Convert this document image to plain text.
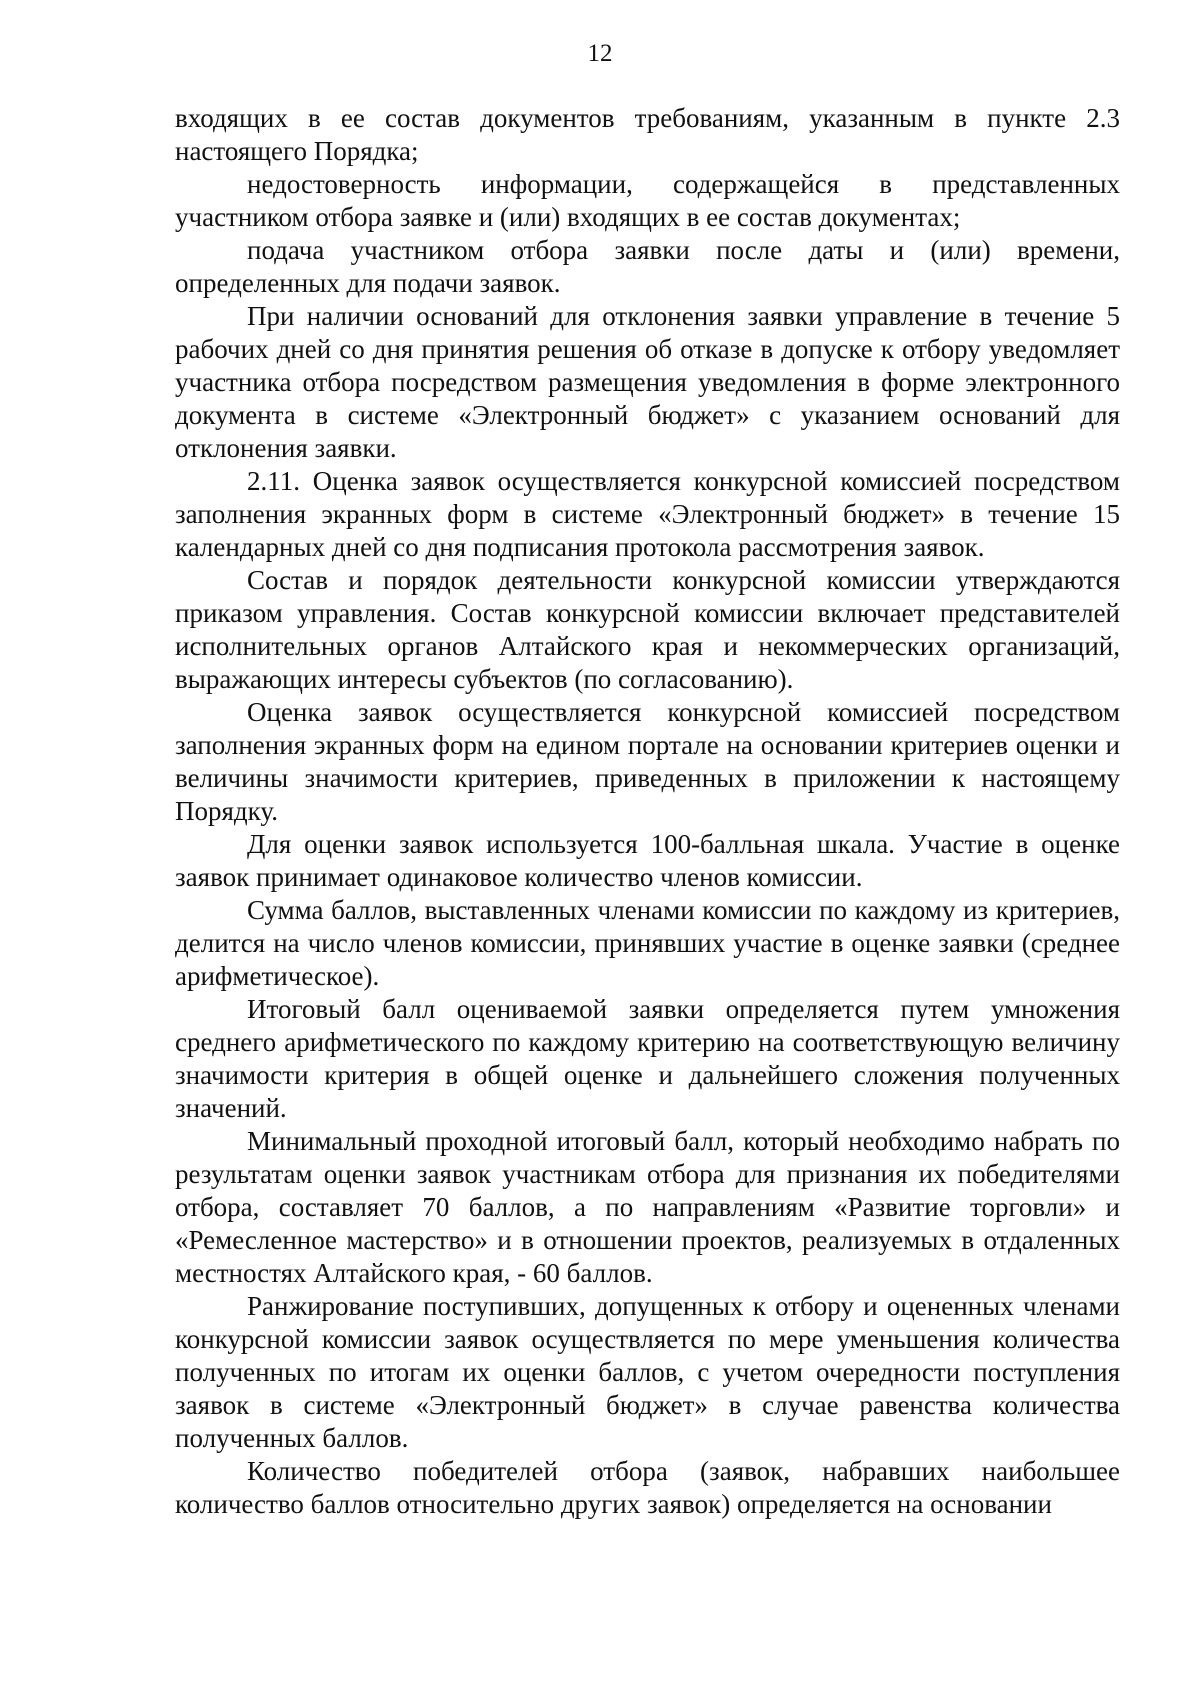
12

входящих в ее состав документов требованиям, указанным в пункте 2.3 настоящего Порядка;

недостоверность информации, содержащейся в представленных участником отбора заявке и (или) входящих в ее состав документах;

подача участником отбора заявки после даты и (или) времени, определенных для подачи заявок.

При наличии оснований для отклонения заявки управление в течение 5 рабочих дней со дня принятия решения об отказе в допуске к отбору уведомляет участника отбора посредством размещения уведомления в форме электронного документа в системе «Электронный бюджет» с указанием оснований для отклонения заявки.

2.11. Оценка заявок осуществляется конкурсной комиссией посредством заполнения экранных форм в системе «Электронный бюджет» в течение 15 календарных дней со дня подписания протокола рассмотрения заявок.

Состав и порядок деятельности конкурсной комиссии утверждаются приказом управления. Состав конкурсной комиссии включает представителей исполнительных органов Алтайского края и некоммерческих организаций, выражающих интересы субъектов (по согласованию).

Оценка заявок осуществляется конкурсной комиссией посредством заполнения экранных форм на едином портале на основании критериев оценки и величины значимости критериев, приведенных в приложении к настоящему Порядку.

Для оценки заявок используется 100-балльная шкала. Участие в оценке заявок принимает одинаковое количество членов комиссии.

Сумма баллов, выставленных членами комиссии по каждому из критериев, делится на число членов комиссии, принявших участие в оценке заявки (среднее арифметическое).

Итоговый балл оцениваемой заявки определяется путем умножения среднего арифметического по каждому критерию на соответствующую величину значимости критерия в общей оценке и дальнейшего сложения полученных значений.

Минимальный проходной итоговый балл, который необходимо набрать по результатам оценки заявок участникам отбора для признания их победителями отбора, составляет 70 баллов, а по направлениям «Развитие торговли» и «Ремесленное мастерство» и в отношении проектов, реализуемых в отдаленных местностях Алтайского края, - 60 баллов.

Ранжирование поступивших, допущенных к отбору и оцененных членами конкурсной комиссии заявок осуществляется по мере уменьшения количества полученных по итогам их оценки баллов, с учетом очередности поступления заявок в системе «Электронный бюджет» в случае равенства количества полученных баллов.

Количество победителей отбора (заявок, набравших наибольшее количество баллов относительно других заявок) определяется на основании
